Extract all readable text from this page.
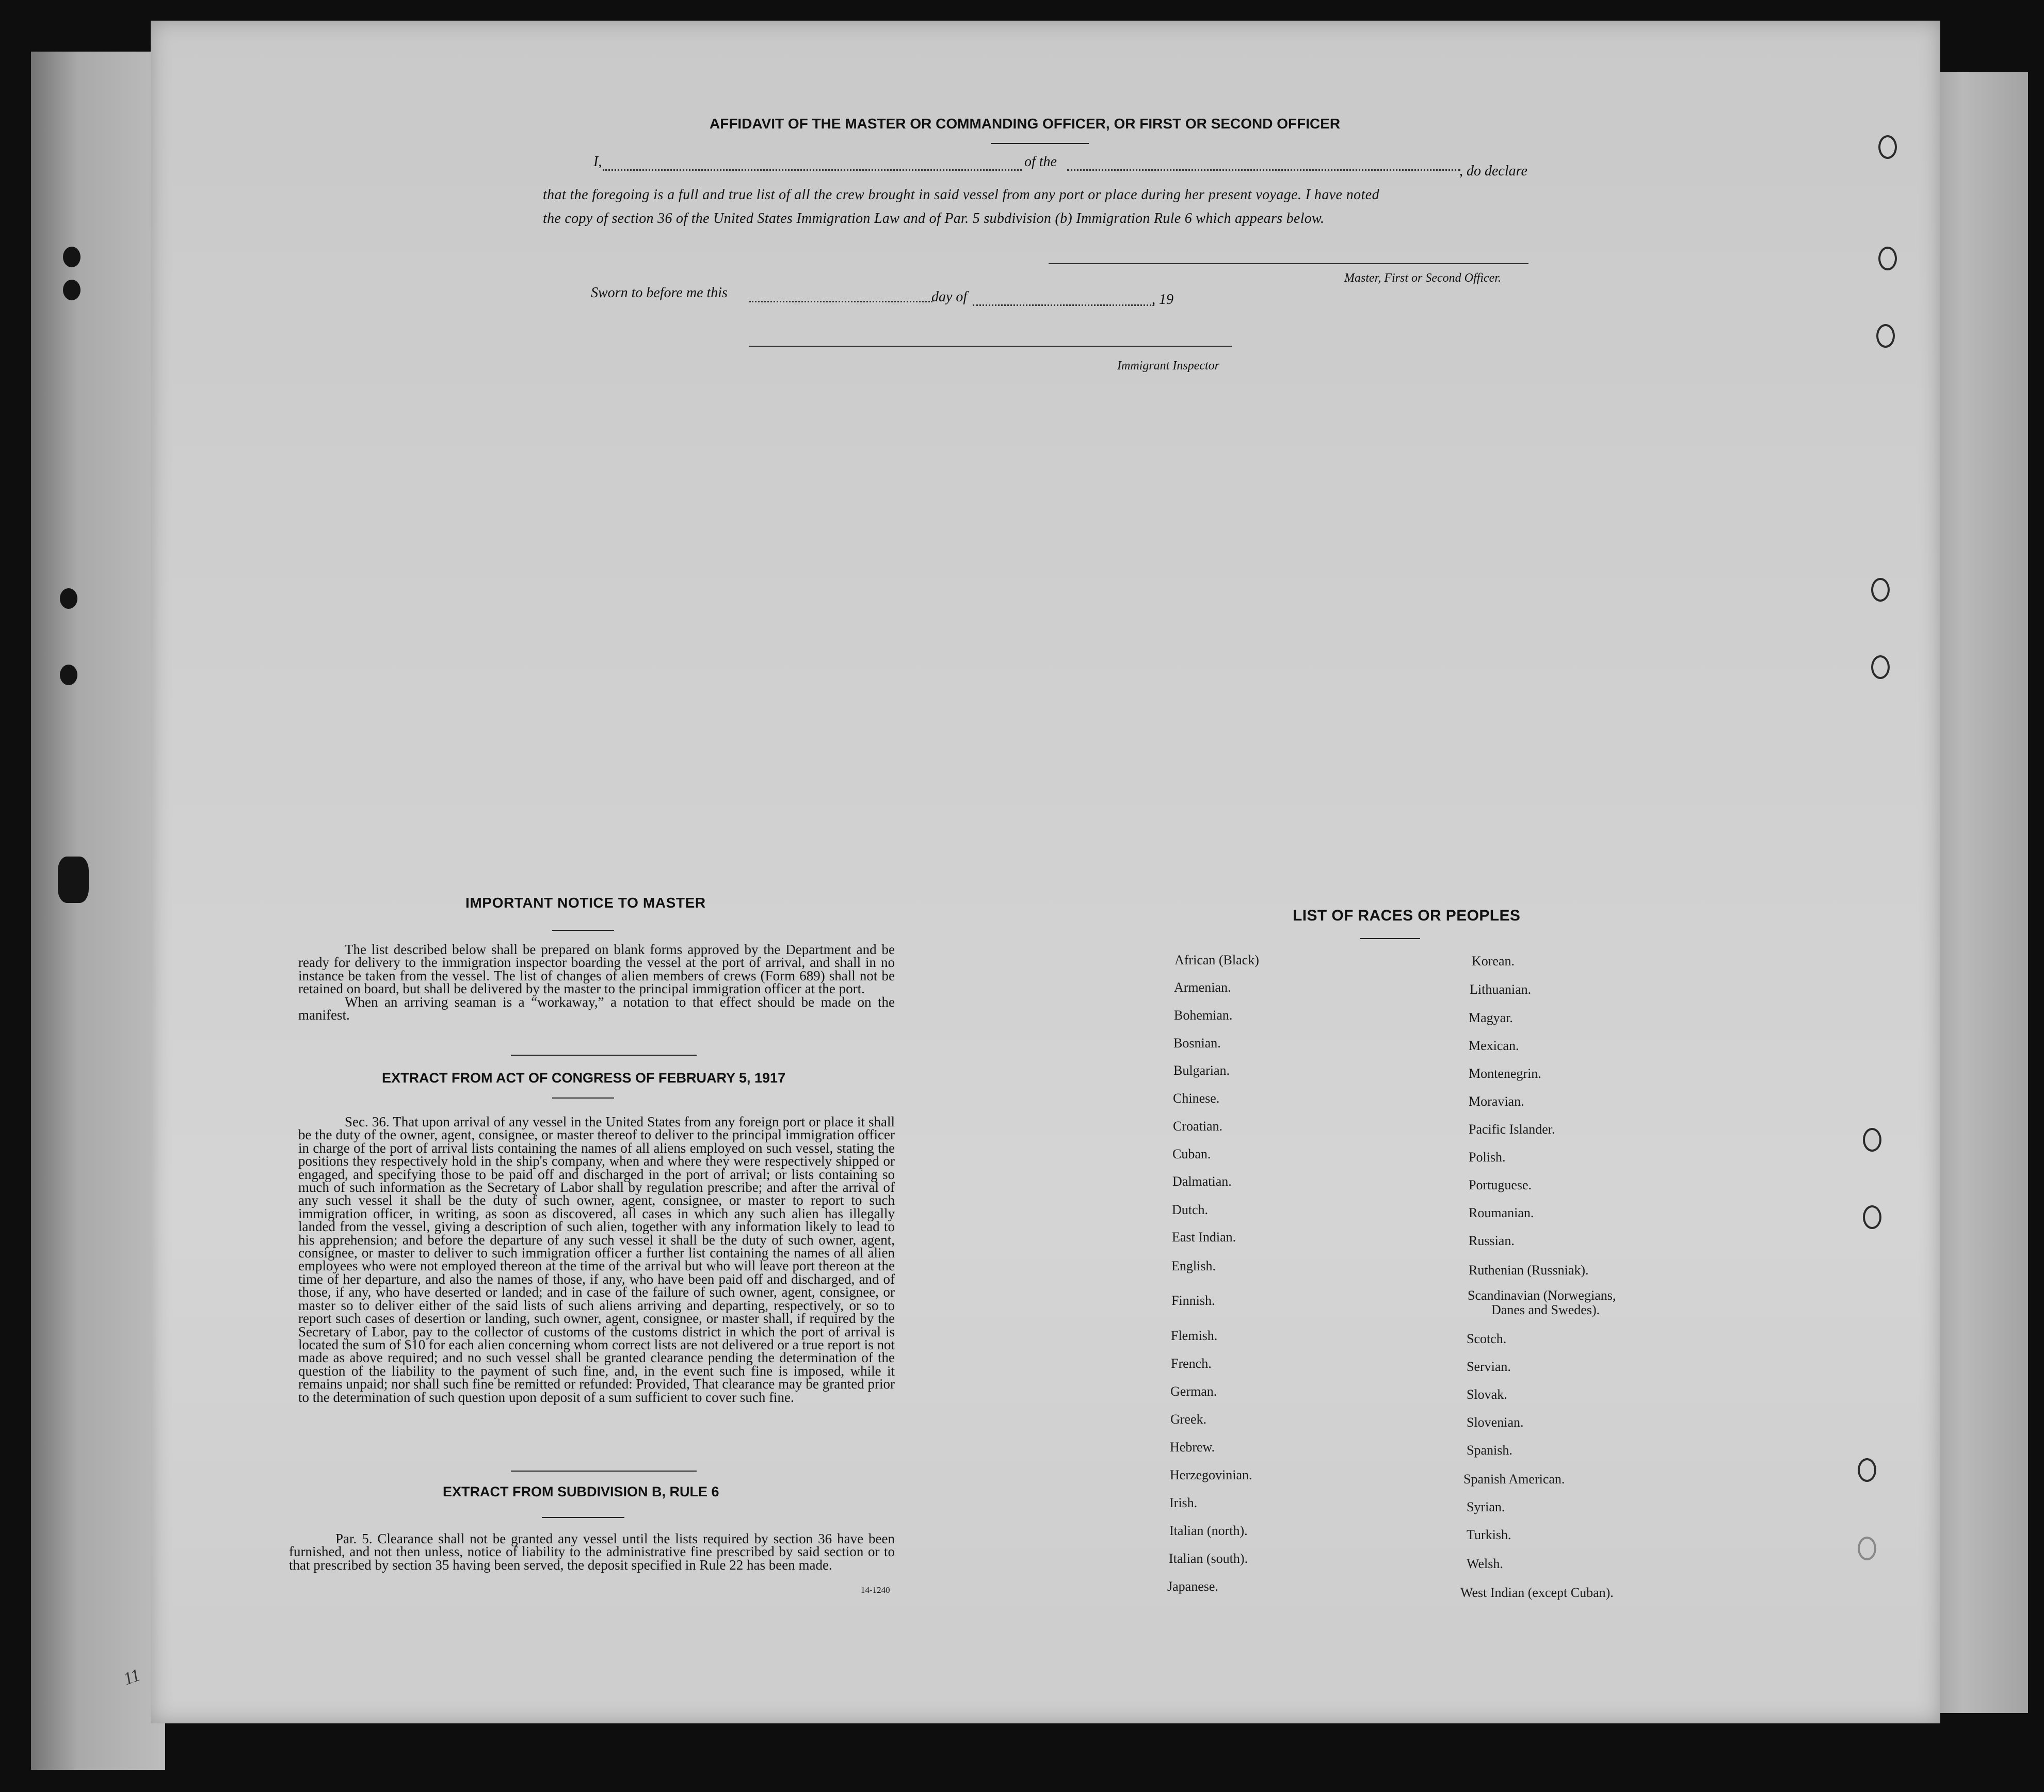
AFFIDAVIT OF THE MASTER OR COMMANDING OFFICER, OR FIRST OR SECOND OFFICER
I,	of the
, do declare
that the foregoing is a full and true list of all the crew brought in said vessel from any port or place during her present voyage. I have noted
the copy of section 36 of the United States Immigration Law and of Par. 5 subdivision (b) Immigration Rule 6 which appears below.
Master, First or Second Officer.
Sworn to before me this	day of	, 19
Immigrant Inspector
IMPORTANT NOTICE TO MASTER

The list described below shall be prepared on blank forms approved by the Department and be ready for delivery to the immigration inspector boarding the vessel at the port of arrival, and shall in no instance be taken from the vessel. The list of changes of alien members of crews (Form 689) shall not be retained on board, but shall be delivered by the master to the principal immigration officer at the port.

When an arriving seaman is a “workaway,” a notation to that effect should be made on the manifest.

EXTRACT FROM ACT OF CONGRESS OF FEBRUARY 5, 1917

Sec. 36. That upon arrival of any vessel in the United States from any foreign port or place it shall be the duty of the owner, agent, consignee, or master thereof to deliver to the principal immigration officer in charge of the port of arrival lists containing the names of all aliens employed on such vessel, stating the positions they respectively hold in the ship's company, when and where they were respectively shipped or engaged, and specifying those to be paid off and discharged in the port of arrival; or lists containing so much of such information as the Secretary of Labor shall by regulation prescribe; and after the arrival of any such vessel it shall be the duty of such owner, agent, consignee, or master to report to such immigration officer, in writing, as soon as discovered, all cases in which any such alien has illegally landed from the vessel, giving a description of such alien, together with any information likely to lead to his apprehension; and before the departure of any such vessel it shall be the duty of such owner, agent, consignee, or master to deliver to such immigration officer a further list containing the names of all alien employees who were not employed thereon at the time of the arrival but who will leave port thereon at the time of her departure, and also the names of those, if any, who have been paid off and discharged, and of those, if any, who have deserted or landed; and in case of the failure of such owner, agent, consignee, or master so to deliver either of the said lists of such aliens arriving and departing, respectively, or so to report such cases of desertion or landing, such owner, agent, consignee, or master shall, if required by the Secretary of Labor, pay to the collector of customs of the customs district in which the port of arrival is located the sum of $10 for each alien concerning whom correct lists are not delivered or a true report is not made as above required; and no such vessel shall be granted clearance pending the determination of the question of the liability to the payment of such fine, and, in the event such fine is imposed, while it remains unpaid; nor shall such fine be remitted or refunded: Provided, That clearance may be granted prior to the determination of such question upon deposit of a sum sufficient to cover such fine.

EXTRACT FROM SUBDIVISION B, RULE 6

Par. 5. Clearance shall not be granted any vessel until the lists required by section 36 have been furnished, and not then unless, notice of liability to the administrative fine prescribed by said section or to that prescribed by section 35 having been served, the deposit specified in Rule 22 has been made.

14-1240
LIST OF RACES OR PEOPLES
African (Black)
Armenian.
Bohemian.
Bosnian.
Bulgarian.
Chinese.
Croatian.
Cuban.
Dalmatian.
Dutch.
East Indian.
English.
Finnish.
Flemish.
French.
German.
Greek.
Hebrew.
Herzegovinian.
Irish.
Italian (north).
Italian (south).
Japanese.
Korean.
Lithuanian.
Magyar.
Mexican.
Montenegrin.
Moravian.
Pacific Islander.
Polish.
Portuguese.
Roumanian.
Russian.
Ruthenian (Russniak).
Scandinavian (Norwegians,
Danes and Swedes).
Scotch.
Servian.
Slovak.
Slovenian.
Spanish.
Spanish American.
Syrian.
Turkish.
Welsh.
West Indian (except Cuban).
11
